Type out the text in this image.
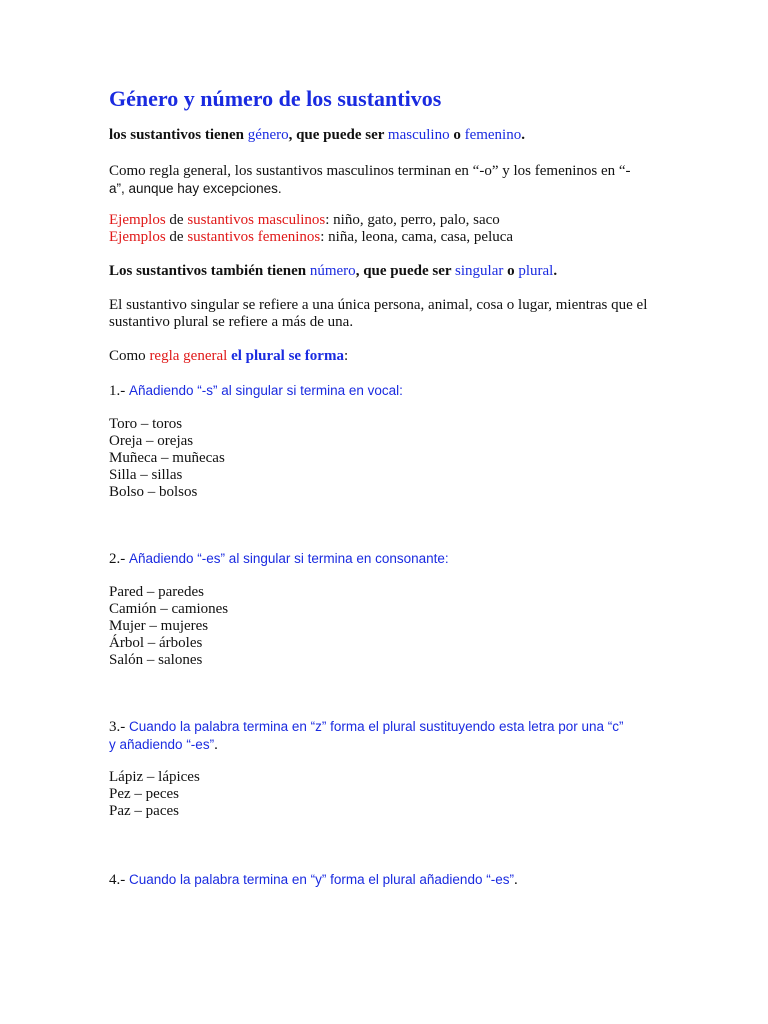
Género y número de los sustantivos

los sustantivos tienen género, que puede ser masculino o femenino.

Como regla general, los sustantivos masculinos terminan en “-o” y los femeninos en “-
a”, aunque hay excepciones.

Ejemplos de sustantivos masculinos: niño, gato, perro, palo, saco

Ejemplos de sustantivos femeninos: niña, leona, cama, casa, peluca

Los sustantivos también tienen número, que puede ser singular o plural.

El sustantivo singular se refiere a una única persona, animal, cosa o lugar, mientras que el sustantivo plural se refiere a más de una.

Como regla general el plural se forma:

1.- Añadiendo “-s” al singular si termina en vocal:

Toro – toros
Oreja – orejas
Muñeca – muñecas
Silla – sillas
Bolso – bolsos

2.- Añadiendo “-es” al singular si termina en consonante:

Pared – paredes
Camión – camiones
Mujer – mujeres
Árbol – árboles
Salón – salones

3.- Cuando la palabra termina en “z” forma el plural sustituyendo esta letra por una “c”
y añadiendo “-es”.

Lápiz – lápices
Pez – peces
Paz – paces

4.- Cuando la palabra termina en “y” forma el plural añadiendo “-es”.
